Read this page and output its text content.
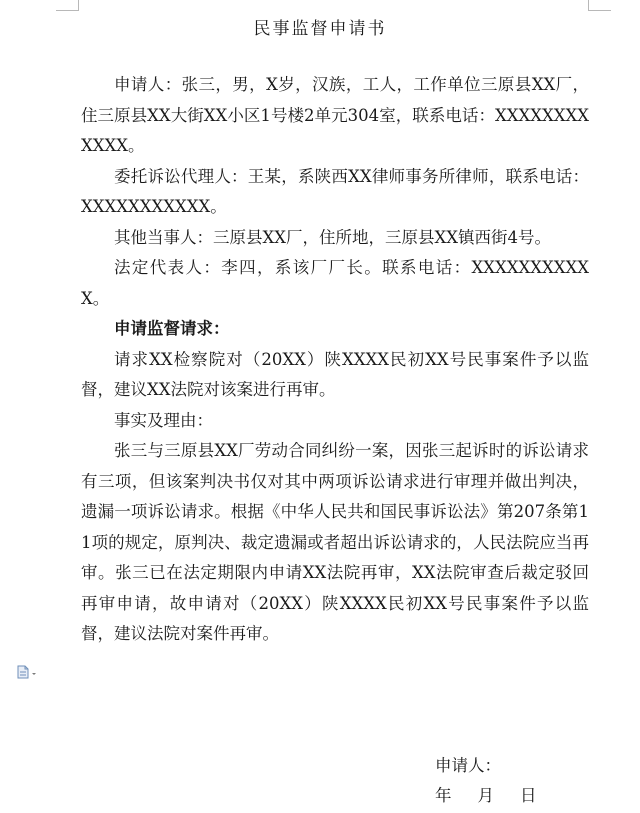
民事监督申请书

申请人：张三，男，X岁，汉族，工人，工作单位三原县XX厂，住三原县XX大街XX小区1号楼2单元304室，联系电话：XXXXXXXXXXXX。

委托诉讼代理人：王某，系陕西XX律师事务所律师，联系电话：XXXXXXXXXXX。

其他当事人：三原县XX厂，住所地，三原县XX镇西街4号。

法定代表人：李四，系该厂厂长。联系电话：XXXXXXXXXXX。

申请监督请求：

请求XX检察院对（20XX）陕XXXX民初XX号民事案件予以监督，建议XX法院对该案进行再审。

事实及理由：

张三与三原县XX厂劳动合同纠纷一案，因张三起诉时的诉讼请求有三项，但该案判决书仅对其中两项诉讼请求进行审理并做出判决，遗漏一项诉讼请求。根据《中华人民共和国民事诉讼法》第207条第11项的规定，原判决、裁定遗漏或者超出诉讼请求的，人民法院应当再审。张三已在法定期限内申请XX法院再审，XX法院审查后裁定驳回再审申请，故申请对（20XX）陕XXXX民初XX号民事案件予以监督，建议法院对案件再审。

申请人：
年 月 日
